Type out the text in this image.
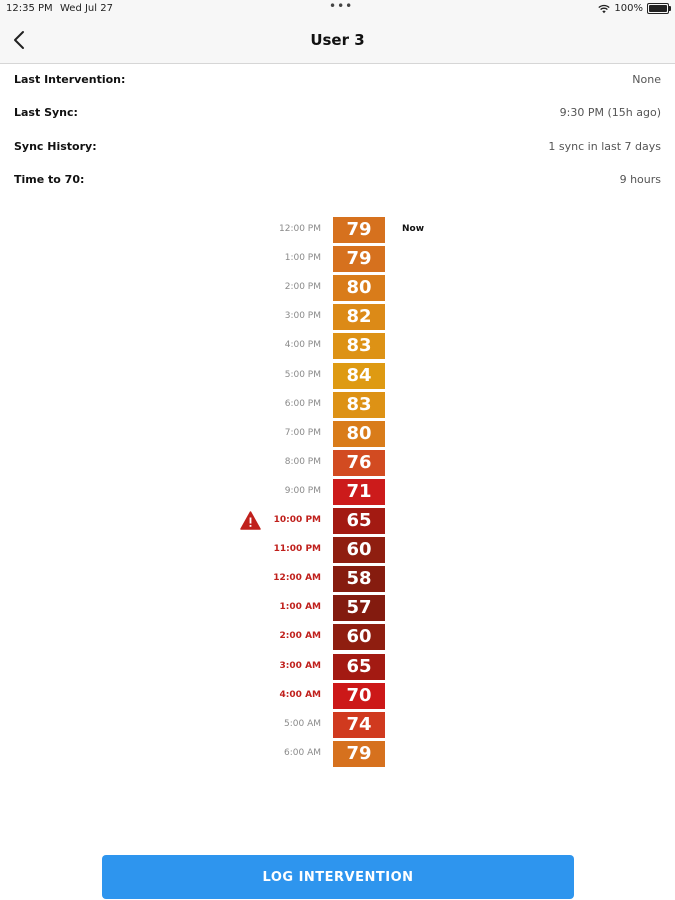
12:35 PM Wed Jul 27	•••	100%
User 3
Last Intervention:	None
Last Sync:	9:30 PM (15h ago)
Sync History:	1 sync in last 7 days
Time to 70:	9 hours
12:00 PM	79	Now
1:00 PM	79
2:00 PM	80
3:00 PM	82
4:00 PM	83
5:00 PM	84
6:00 PM	83
7:00 PM	80
8:00 PM	76
9:00 PM	71
10:00 PM	65
11:00 PM	60
12:00 AM	58
1:00 AM	57
2:00 AM	60
3:00 AM	65
4:00 AM	70
5:00 AM	74
6:00 AM	79
LOG INTERVENTION
